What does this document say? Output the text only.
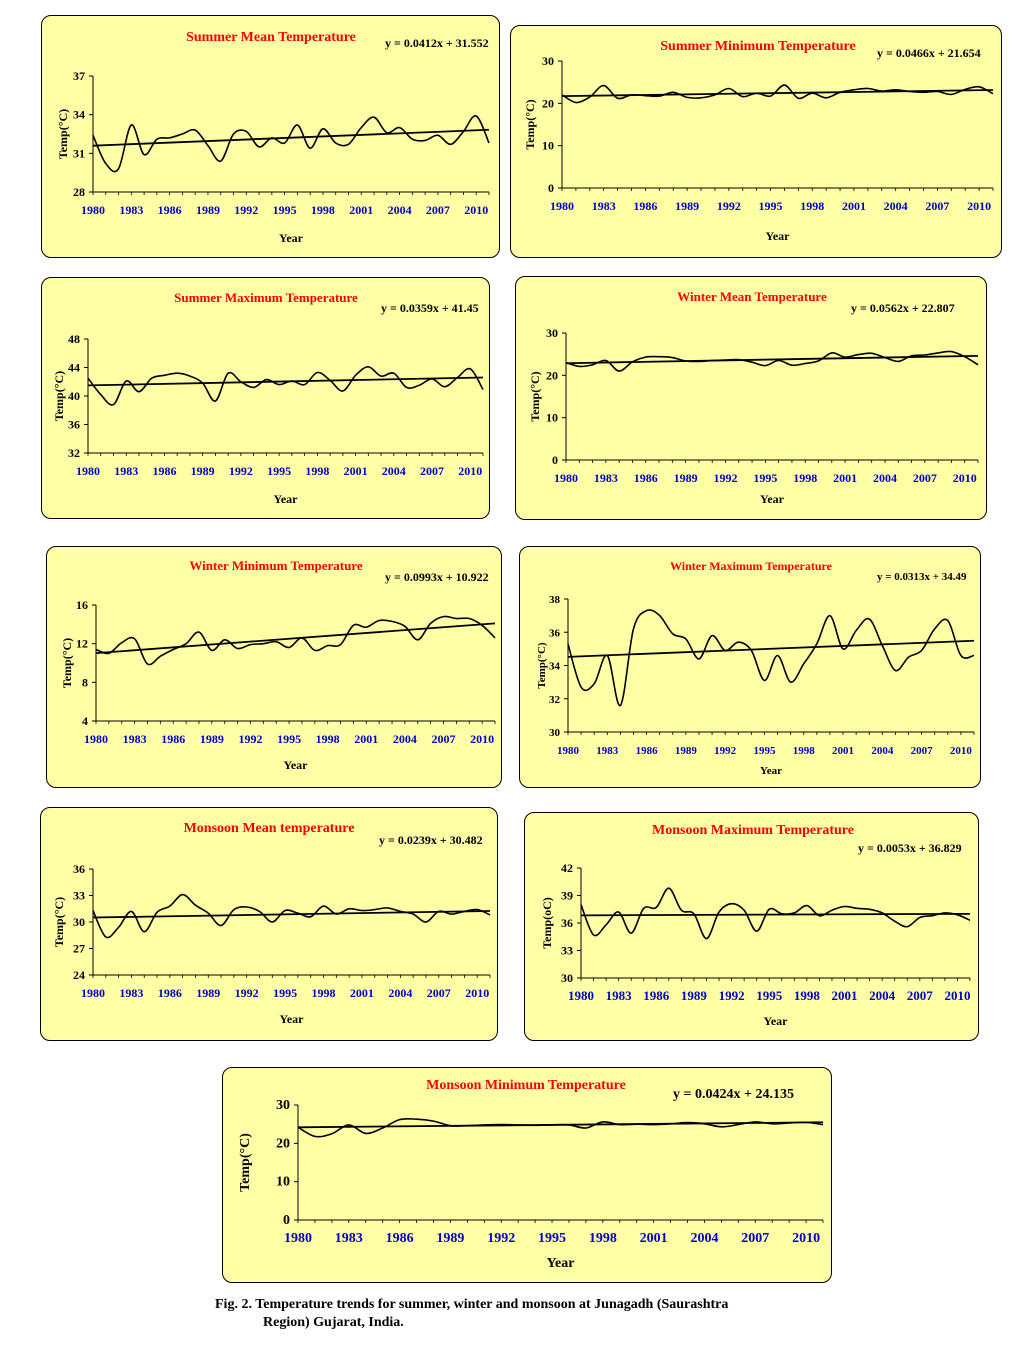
Summer Mean Temperature y = 0.0412x + 31.552
28
31
34
37
1980 1983 1986 1989 1992 1995 1998 2001 2004 2007 2010
Year
Temp(°C)
Summer Minimum Temperature y = 0.0466x + 21.654
0
10
20
30
1980 1983 1986 1989 1992 1995 1998 2001 2004 2007 2010
Year
Temp(°C)
Summer Maximum Temperature
y = 0.0359x + 41.45
32
36
40
44
48
1980 1983 1986 1989 1992 1995 1998 2001 2004 2007 2010
Year
Temp(°C)
Winter Mean Temperature
y = 0.0562x + 22.807
0
10
20
30
1980 1983 1986 1989 1992 1995 1998 2001 2004 2007 2010
Year
Temp(°C)
Winter Minimum Temperature
y = 0.0993x + 10.922
4
8
12
16
1980 1983 1986 1989 1992 1995 1998 2001 2004 2007 2010
Year
Temp(°C)
Winter Maximum Temperature
y = 0.0313x + 34.49
30
32
34
36
38
1980 1983 1986 1989 1992 1995 1998 2001 2004 2007 2010
Year
Temp(°C)
Monsoon Mean temperature
y = 0.0239x + 30.482
24
27
30
33
36
1980 1983 1986 1989 1992 1995 1998 2001 2004 2007 2010
Year
Temp(°C)
Monsoon Maximum Temperature
y = 0.0053x + 36.829
30
33
36
39
42
1980 1983 1986 1989 1992 1995 1998 2001 2004 2007 2010
Year
Temp(oC)
Monsoon Minimum Temperature
y = 0.0424x + 24.135
0
10
20
30
1980 1983 1986 1989 1992 1995 1998 2001 2004 2007 2010
Year
Temp(°C)
Fig. 2. Temperature trends for summer, winter and monsoon at Junagadh (Saurashtra
Region) Gujarat, India.
